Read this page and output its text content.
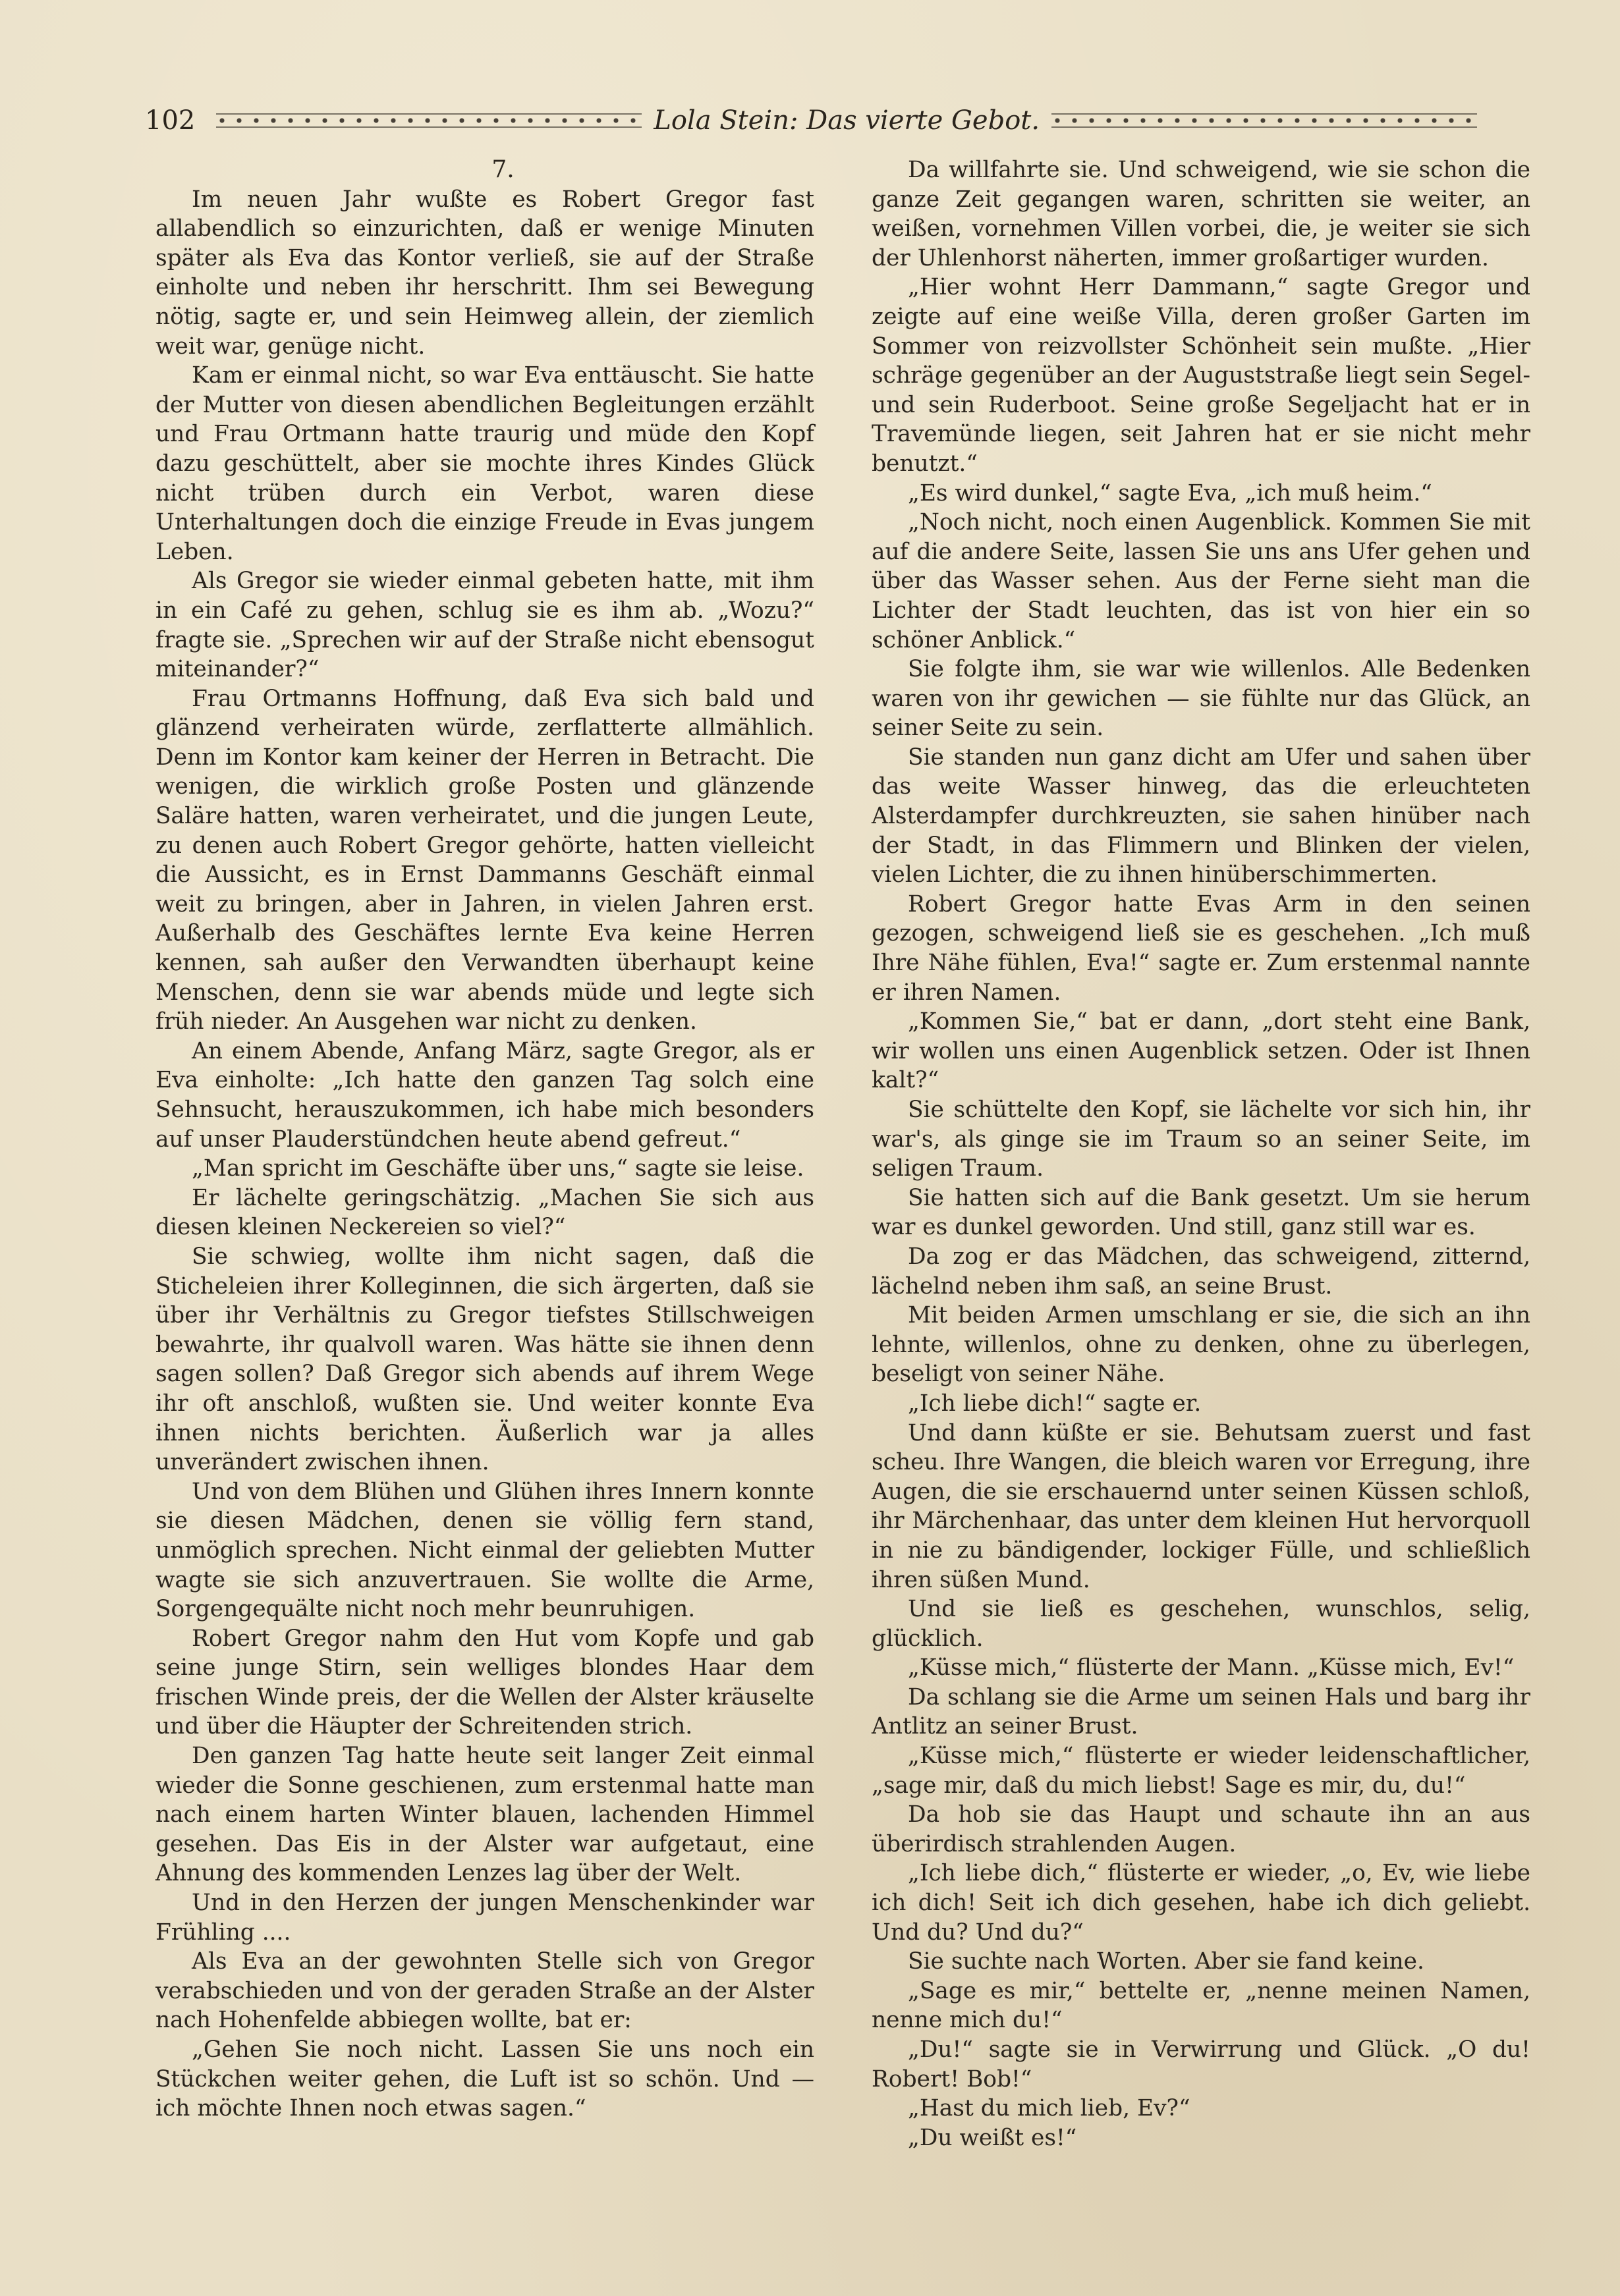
102	Lola Stein: Das vierte Gebot.

7.

Im neuen Jahr wußte es Robert Gregor fast allabendlich so einzurichten, daß er wenige Minuten später als Eva das Kontor verließ, sie auf der Straße einholte und neben ihr herschritt. Ihm sei Bewegung nötig, sagte er, und sein Heimweg allein, der ziemlich weit war, genüge nicht.

Kam er einmal nicht, so war Eva enttäuscht. Sie hatte der Mutter von diesen abendlichen Begleitungen erzählt und Frau Ortmann hatte traurig und müde den Kopf dazu geschüttelt, aber sie mochte ihres Kindes Glück nicht trüben durch ein Verbot, waren diese Unterhaltungen doch die einzige Freude in Evas jungem Leben.

Als Gregor sie wieder einmal gebeten hatte, mit ihm in ein Café zu gehen, schlug sie es ihm ab. „Wozu?“ fragte sie. „Sprechen wir auf der Straße nicht ebensogut miteinander?“

Frau Ortmanns Hoffnung, daß Eva sich bald und glänzend verheiraten würde, zerflatterte allmählich. Denn im Kontor kam keiner der Herren in Betracht. Die wenigen, die wirklich große Posten und glänzende Saläre hatten, waren verheiratet, und die jungen Leute, zu denen auch Robert Gregor gehörte, hatten vielleicht die Aussicht, es in Ernst Dammanns Geschäft einmal weit zu bringen, aber in Jahren, in vielen Jahren erst. Außerhalb des Geschäftes lernte Eva keine Herren kennen, sah außer den Verwandten überhaupt keine Menschen, denn sie war abends müde und legte sich früh nieder. An Ausgehen war nicht zu denken.

An einem Abende, Anfang März, sagte Gregor, als er Eva einholte: „Ich hatte den ganzen Tag solch eine Sehnsucht, herauszukommen, ich habe mich besonders auf unser Plauderstündchen heute abend gefreut.“

„Man spricht im Geschäfte über uns,“ sagte sie leise.

Er lächelte geringschätzig. „Machen Sie sich aus diesen kleinen Neckereien so viel?“

Sie schwieg, wollte ihm nicht sagen, daß die Sticheleien ihrer Kolleginnen, die sich ärgerten, daß sie über ihr Verhältnis zu Gregor tiefstes Stillschweigen bewahrte, ihr qualvoll waren. Was hätte sie ihnen denn sagen sollen? Daß Gregor sich abends auf ihrem Wege ihr oft anschloß, wußten sie. Und weiter konnte Eva ihnen nichts berichten. Äußerlich war ja alles unverändert zwischen ihnen.

Und von dem Blühen und Glühen ihres Innern konnte sie diesen Mädchen, denen sie völlig fern stand, unmöglich sprechen. Nicht einmal der geliebten Mutter wagte sie sich anzuvertrauen. Sie wollte die Arme, Sorgengequälte nicht noch mehr beunruhigen.

Robert Gregor nahm den Hut vom Kopfe und gab seine junge Stirn, sein welliges blondes Haar dem frischen Winde preis, der die Wellen der Alster kräuselte und über die Häupter der Schreitenden strich.

Den ganzen Tag hatte heute seit langer Zeit einmal wieder die Sonne geschienen, zum erstenmal hatte man nach einem harten Winter blauen, lachenden Himmel gesehen. Das Eis in der Alster war aufgetaut, eine Ahnung des kommenden Lenzes lag über der Welt.

Und in den Herzen der jungen Menschenkinder war Frühling ....

Als Eva an der gewohnten Stelle sich von Gregor verabschieden und von der geraden Straße an der Alster nach Hohenfelde abbiegen wollte, bat er:

„Gehen Sie noch nicht. Lassen Sie uns noch ein Stückchen weiter gehen, die Luft ist so schön. Und — ich möchte Ihnen noch etwas sagen.“

Da willfahrte sie. Und schweigend, wie sie schon die ganze Zeit gegangen waren, schritten sie weiter, an weißen, vornehmen Villen vorbei, die, je weiter sie sich der Uhlenhorst näherten, immer großartiger wurden.

„Hier wohnt Herr Dammann,“ sagte Gregor und zeigte auf eine weiße Villa, deren großer Garten im Sommer von reizvollster Schönheit sein mußte. „Hier schräge gegenüber an der Auguststraße liegt sein Segel- und sein Ruderboot. Seine große Segeljacht hat er in Travemünde liegen, seit Jahren hat er sie nicht mehr benutzt.“

„Es wird dunkel,“ sagte Eva, „ich muß heim.“

„Noch nicht, noch einen Augenblick. Kommen Sie mit auf die andere Seite, lassen Sie uns ans Ufer gehen und über das Wasser sehen. Aus der Ferne sieht man die Lichter der Stadt leuchten, das ist von hier ein so schöner Anblick.“

Sie folgte ihm, sie war wie willenlos. Alle Bedenken waren von ihr gewichen — sie fühlte nur das Glück, an seiner Seite zu sein.

Sie standen nun ganz dicht am Ufer und sahen über das weite Wasser hinweg, das die erleuchteten Alsterdampfer durchkreuzten, sie sahen hinüber nach der Stadt, in das Flimmern und Blinken der vielen, vielen Lichter, die zu ihnen hinüberschimmerten.

Robert Gregor hatte Evas Arm in den seinen gezogen, schweigend ließ sie es geschehen. „Ich muß Ihre Nähe fühlen, Eva!“ sagte er. Zum erstenmal nannte er ihren Namen.

„Kommen Sie,“ bat er dann, „dort steht eine Bank, wir wollen uns einen Augenblick setzen. Oder ist Ihnen kalt?“

Sie schüttelte den Kopf, sie lächelte vor sich hin, ihr war's, als ginge sie im Traum so an seiner Seite, im seligen Traum.

Sie hatten sich auf die Bank gesetzt. Um sie herum war es dunkel geworden. Und still, ganz still war es.

Da zog er das Mädchen, das schweigend, zitternd, lächelnd neben ihm saß, an seine Brust.

Mit beiden Armen umschlang er sie, die sich an ihn lehnte, willenlos, ohne zu denken, ohne zu überlegen, beseligt von seiner Nähe.

„Ich liebe dich!“ sagte er.

Und dann küßte er sie. Behutsam zuerst und fast scheu. Ihre Wangen, die bleich waren vor Erregung, ihre Augen, die sie erschauernd unter seinen Küssen schloß, ihr Märchenhaar, das unter dem kleinen Hut hervorquoll in nie zu bändigender, lockiger Fülle, und schließlich ihren süßen Mund.

Und sie ließ es geschehen, wunschlos, selig, glücklich.

„Küsse mich,“ flüsterte der Mann. „Küsse mich, Ev!“

Da schlang sie die Arme um seinen Hals und barg ihr Antlitz an seiner Brust.

„Küsse mich,“ flüsterte er wieder leidenschaftlicher, „sage mir, daß du mich liebst! Sage es mir, du, du!“

Da hob sie das Haupt und schaute ihn an aus überirdisch strahlenden Augen.

„Ich liebe dich,“ flüsterte er wieder, „o, Ev, wie liebe ich dich! Seit ich dich gesehen, habe ich dich geliebt. Und du? Und du?“

Sie suchte nach Worten. Aber sie fand keine.

„Sage es mir,“ bettelte er, „nenne meinen Namen, nenne mich du!“

„Du!“ sagte sie in Verwirrung und Glück. „O du! Robert! Bob!“

„Hast du mich lieb, Ev?“

„Du weißt es!“
